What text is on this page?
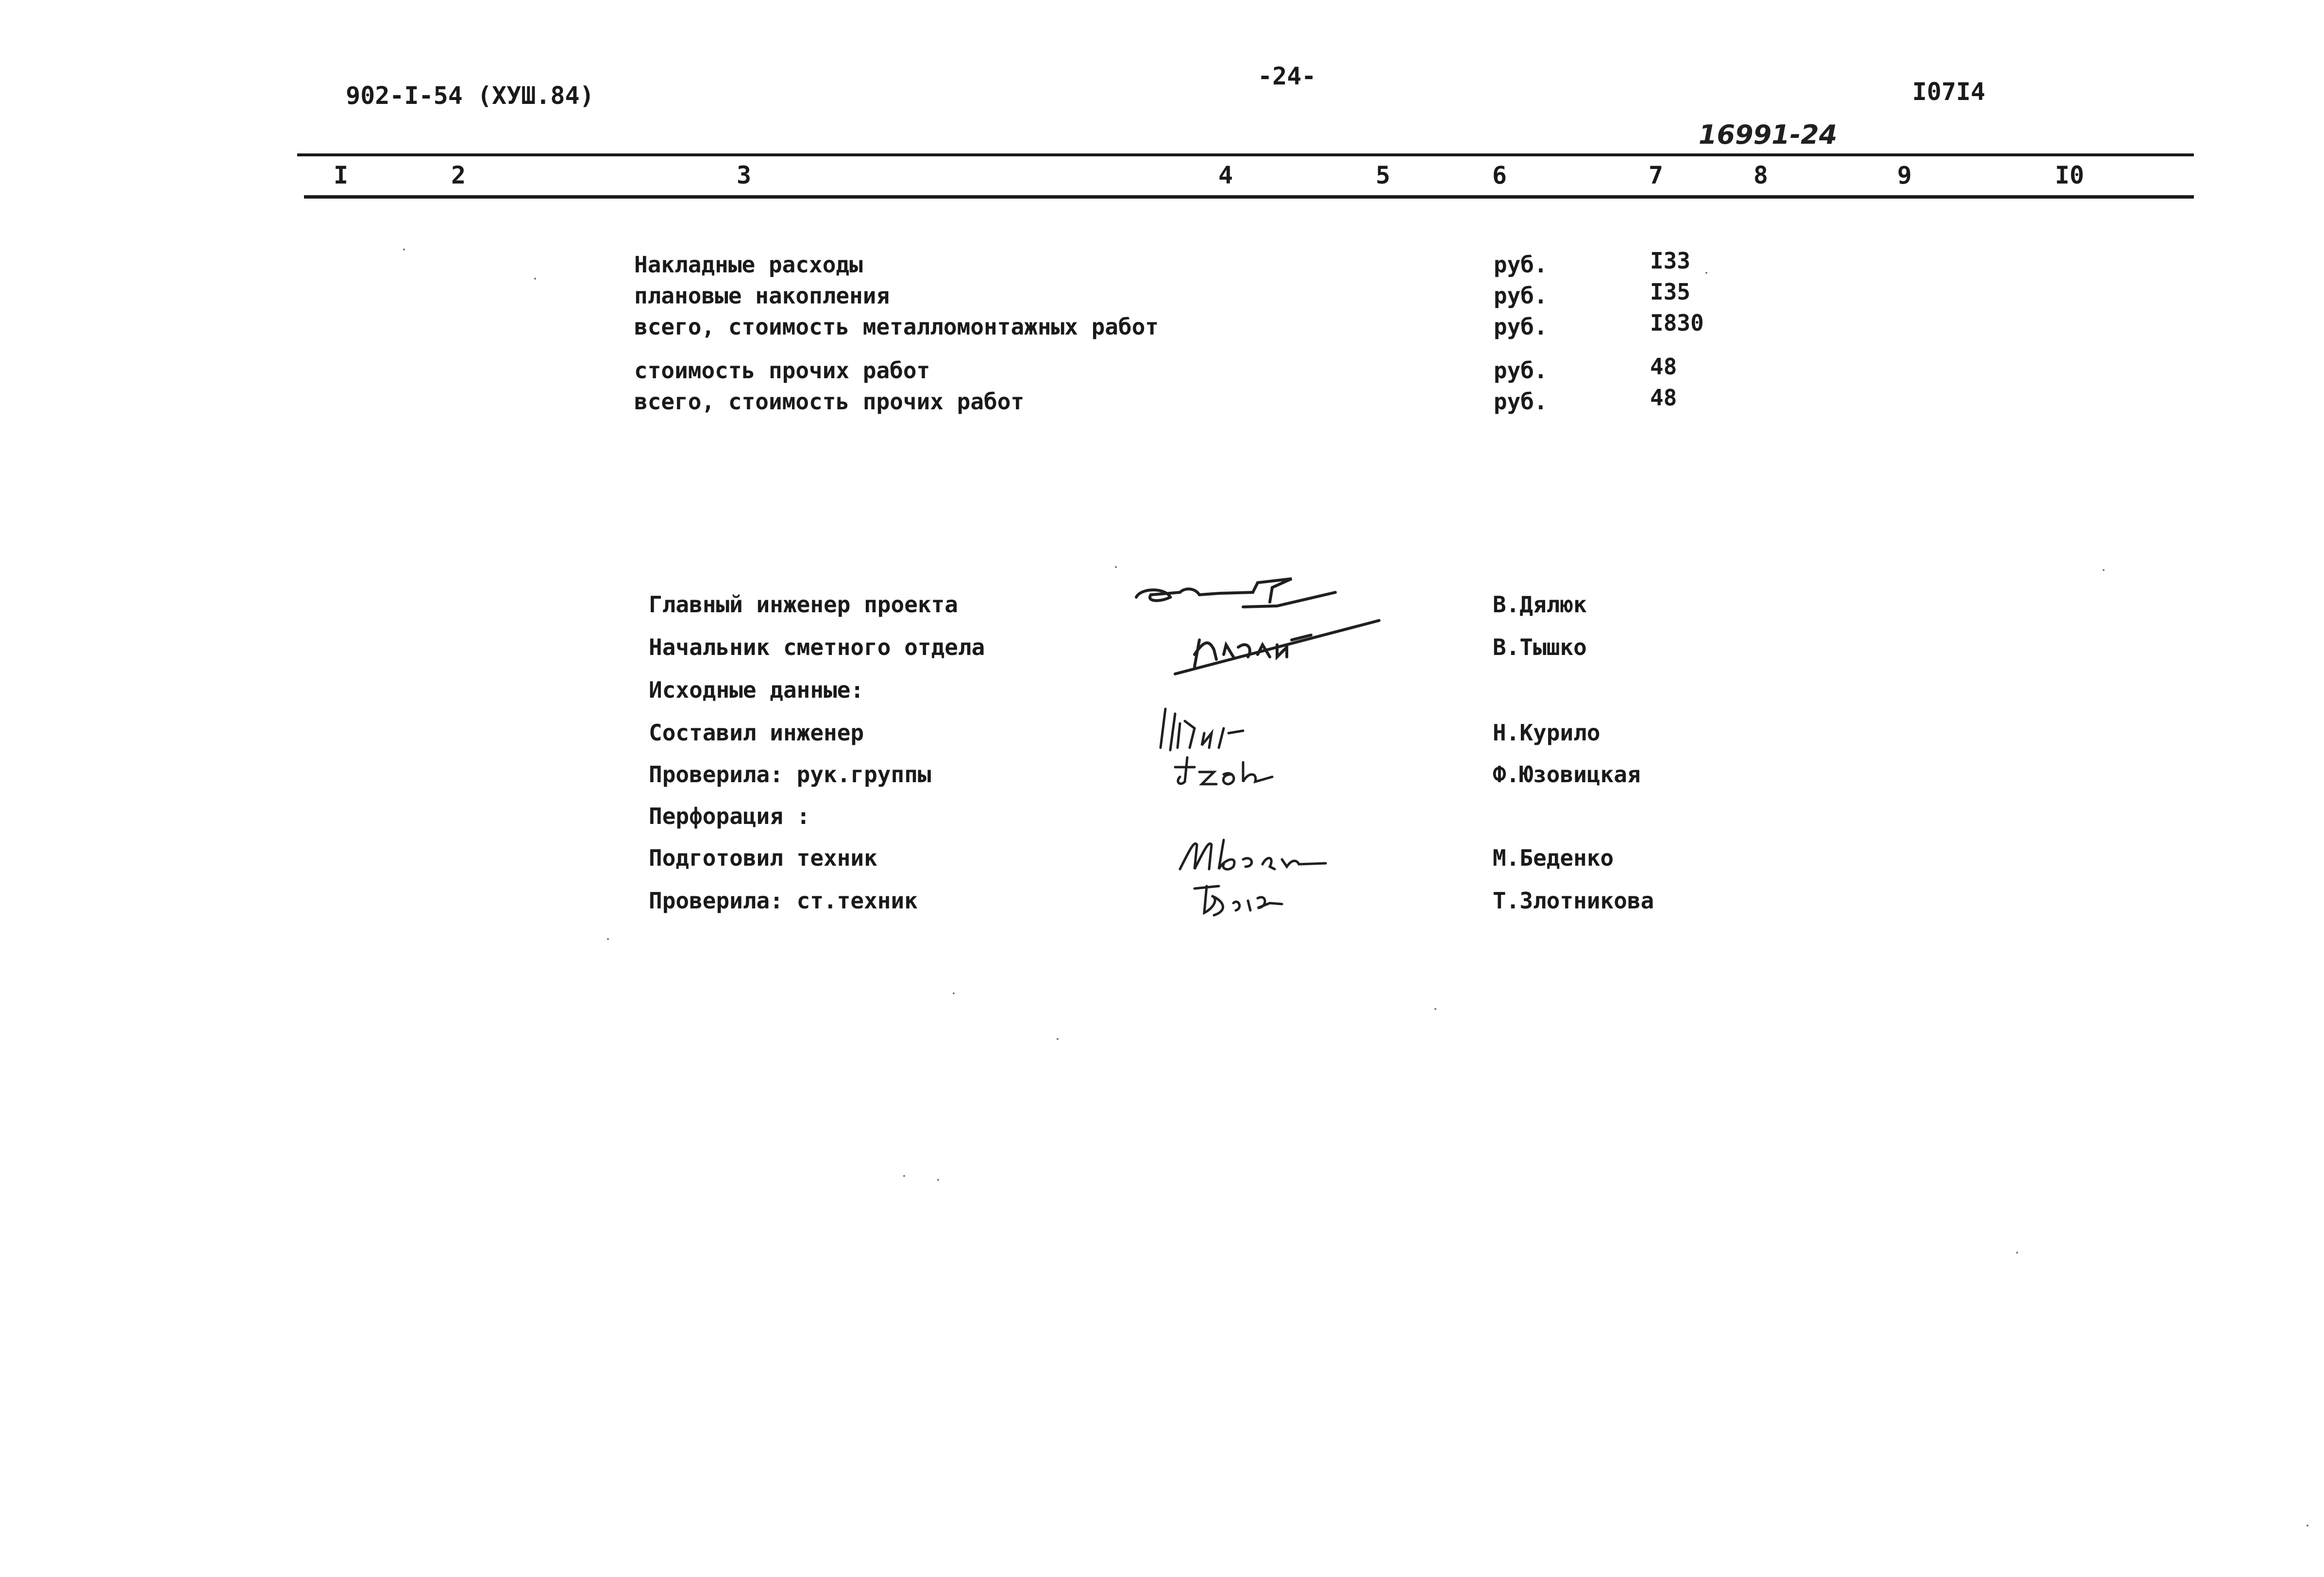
902-I-54 (ХУШ.84)
-24-
I07I4
16991-24
I	2	3	4	5	6	7	8	9	I0
Накладные расходы	руб.	I33
плановые накопления	руб.	I35
всего, стоимость металломонтажных работ	руб.	I830
стоимость прочих работ	руб.	48
всего, стоимость прочих работ	руб.	48
Главный инженер проекта	В.Дялюк
Начальник сметного отдела	В.Тышко
Исходные данные:
Составил инженер	Н.Курило
Проверила: рук.группы	Ф.Юзовицкая
Перфорация :
Подготовил техник	М.Беденко
Проверила: ст.техник	Т.Злотникова
